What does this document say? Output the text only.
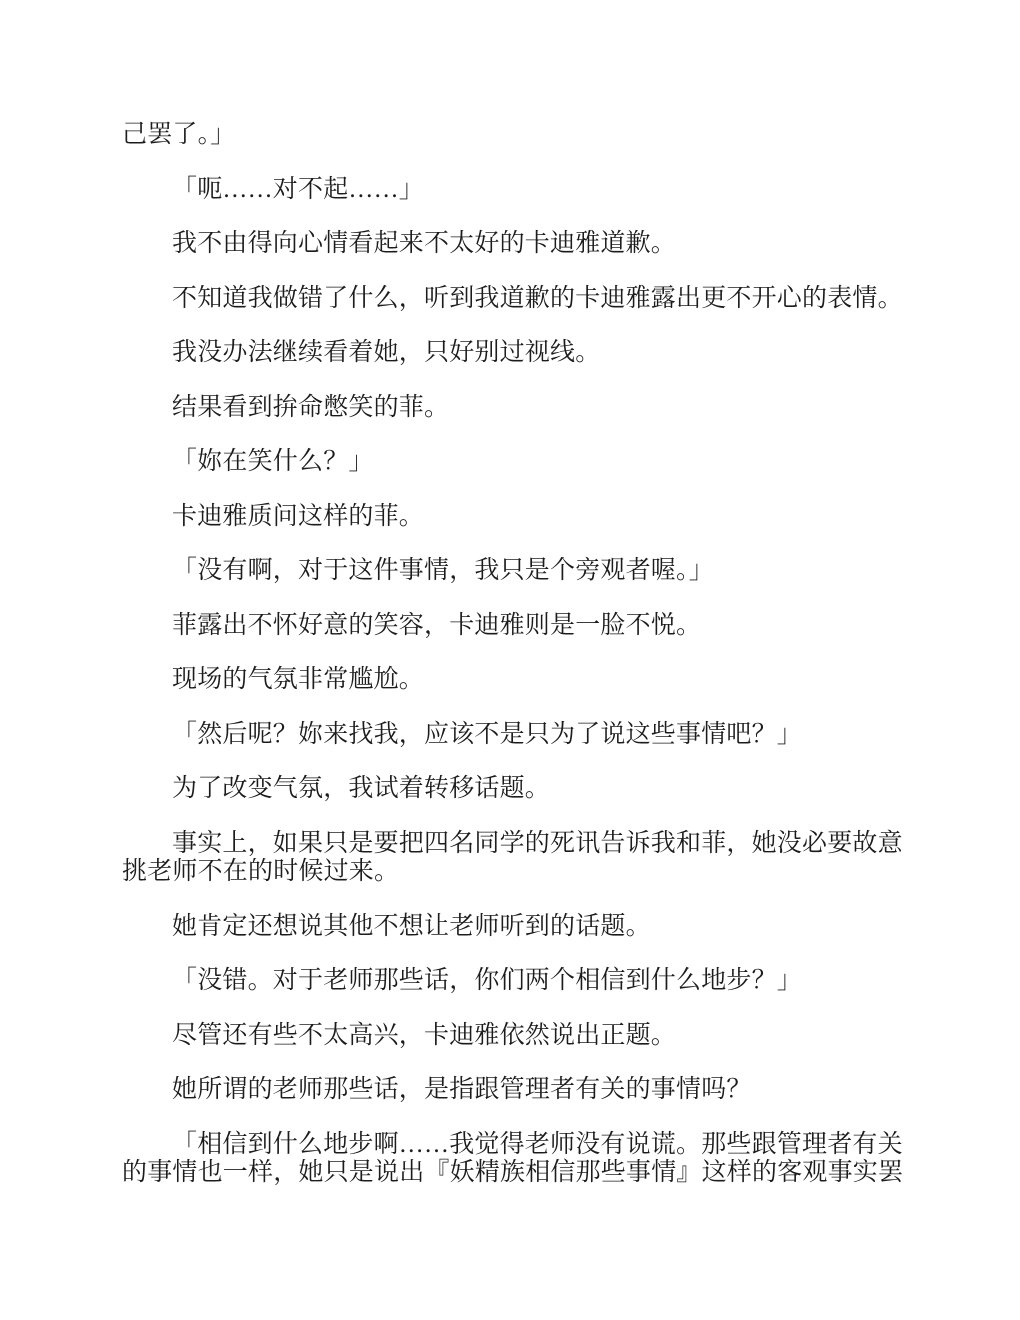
己罢了。」

「呃……对不起……」

我不由得向心情看起来不太好的卡迪雅道歉。

不知道我做错了什么，听到我道歉的卡迪雅露出更不开心的表情。

我没办法继续看着她，只好别过视线。

结果看到拚命憋笑的菲。

「妳在笑什么？」

卡迪雅质问这样的菲。

「没有啊，对于这件事情，我只是个旁观者喔。」

菲露出不怀好意的笑容，卡迪雅则是一脸不悦。

现场的气氛非常尴尬。

「然后呢？妳来找我，应该不是只为了说这些事情吧？」

为了改变气氛，我试着转移话题。

事实上，如果只是要把四名同学的死讯告诉我和菲，她没必要故意挑老师不在的时候过来。

她肯定还想说其他不想让老师听到的话题。

「没错。对于老师那些话，你们两个相信到什么地步？」

尽管还有些不太高兴，卡迪雅依然说出正题。

她所谓的老师那些话，是指跟管理者有关的事情吗？

「相信到什么地步啊……我觉得老师没有说谎。那些跟管理者有关的事情也一样，她只是说出『妖精族相信那些事情』这样的客观事实罢
